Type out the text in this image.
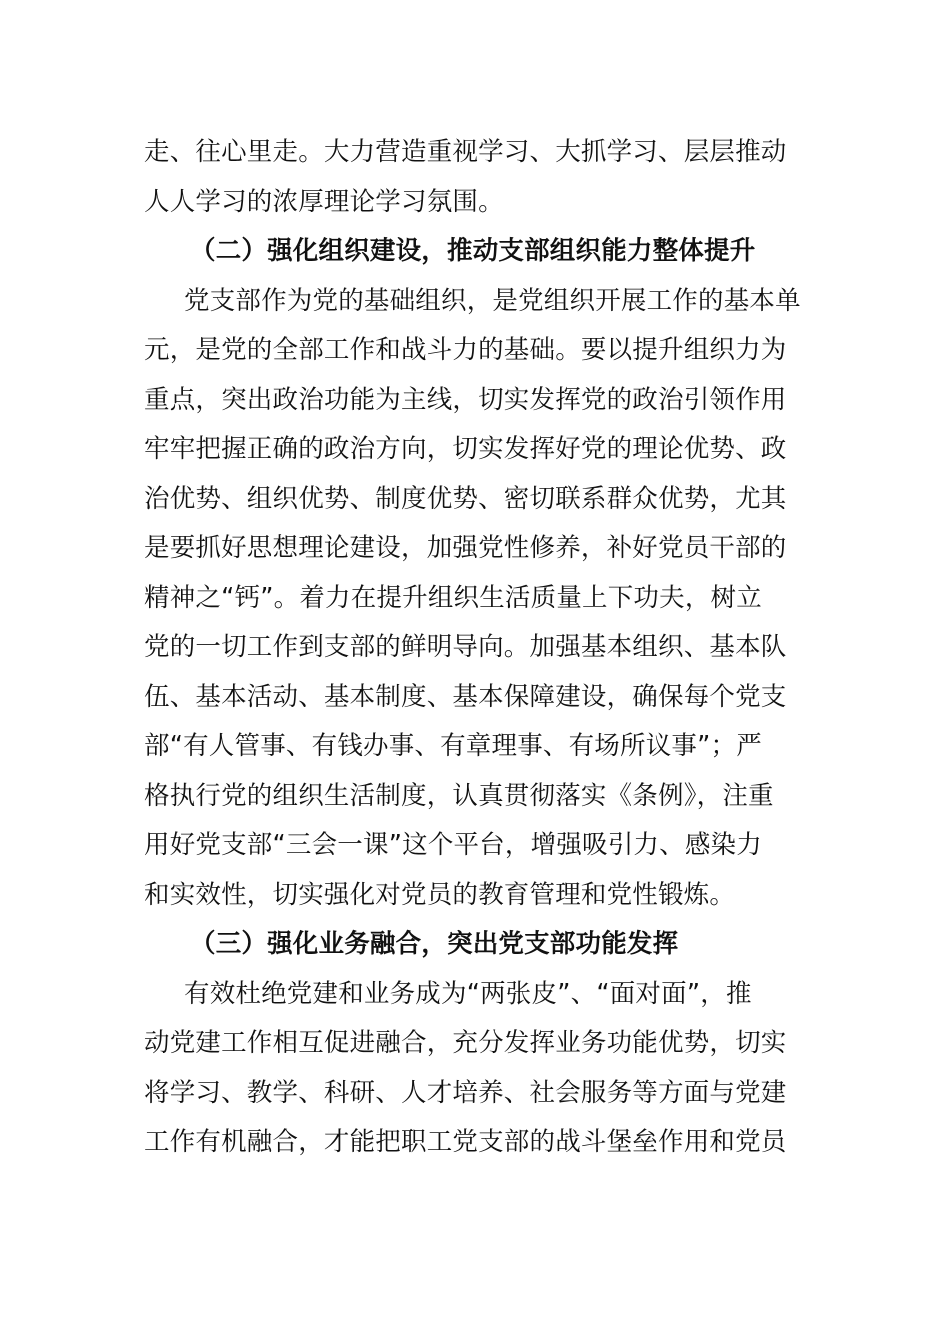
走、往心里走。大力营造重视学习、大抓学习、层层推动
人人学习的浓厚理论学习氛围。
（二）强化组织建设，推动支部组织能力整体提升
党支部作为党的基础组织，是党组织开展工作的基本单
元，是党的全部工作和战斗力的基础。要以提升组织力为
重点，突出政治功能为主线，切实发挥党的政治引领作用
牢牢把握正确的政治方向，切实发挥好党的理论优势、政
治优势、组织优势、制度优势、密切联系群众优势，尤其
是要抓好思想理论建设，加强党性修养，补好党员干部的
精神之“钙”。着力在提升组织生活质量上下功夫，树立
党的一切工作到支部的鲜明导向。加强基本组织、基本队
伍、基本活动、基本制度、基本保障建设，确保每个党支
部“有人管事、有钱办事、有章理事、有场所议事”；严
格执行党的组织生活制度，认真贯彻落实《条例》，注重
用好党支部“三会一课”这个平台，增强吸引力、感染力
和实效性，切实强化对党员的教育管理和党性锻炼。
（三）强化业务融合，突出党支部功能发挥
有效杜绝党建和业务成为“两张皮”、“面对面”，推
动党建工作相互促进融合，充分发挥业务功能优势，切实
将学习、教学、科研、人才培养、社会服务等方面与党建
工作有机融合，才能把职工党支部的战斗堡垒作用和党员
